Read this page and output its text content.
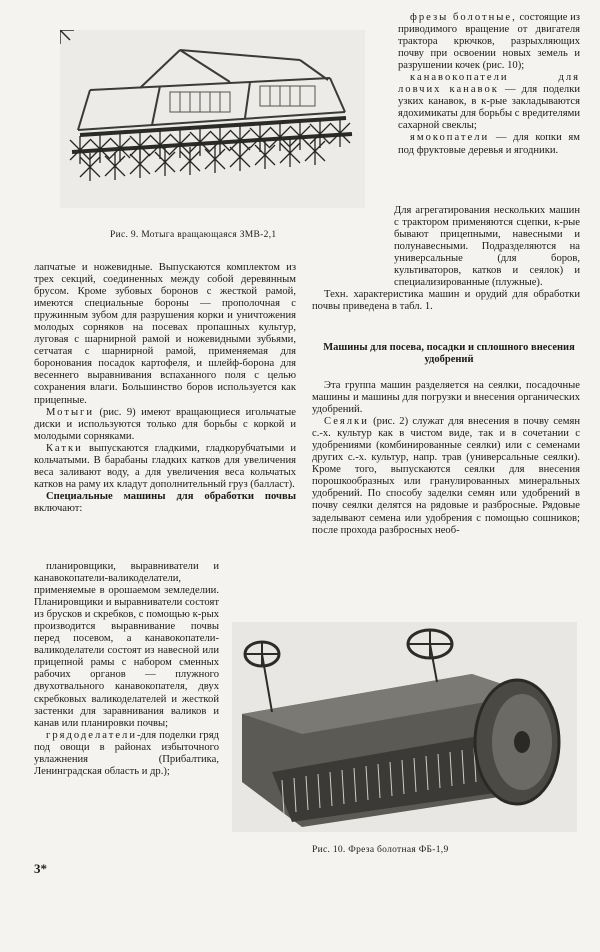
Рис. 9. Мотыга вращающаяся ЗМВ-2,1

фрезы болотные, состоящие из приводимого вращение от двигателя трактора крючков, разрыхляющих почву при освоении новых земель и разрушении кочек (рис. 10);

канавокопатели для ловчих канавок — для поделки узких канавок, в к-рые закладываются ядохимикаты для борьбы с вредителями сахарной свеклы;

ямокопатели — для копки ям под фруктовые деревья и ягодники.

Для агрегатирования нескольких машин с трактором применяются сцепки, к-рые бывают прицепными, навесными и полунавесными. Подразделяются на универсальные (для боров, культиваторов, катков и сеялок) и специализированные (плужные).

Техн. характеристика машин и орудий для обработки почвы приведена в табл. 1.

лапчатые и ножевидные. Выпускаются комплектом из трех секций, соединенных между собой деревянным брусом. Кроме зубовых боронов с жесткой рамой, имеются специальные бороны — прополочная с пружинным зубом для разрушения корки и уничтожения молодых сорняков на посевах пропашных культур, луговая с шарнирной рамой и ножевидными зубьями, сетчатая с шарнирной рамой, применяемая для боронования посадок картофеля, и шлейф-борона для весеннего выравнивания вспаханного поля с целью сохранения влаги. Большинство боров используется как прицепные.

Мотыги (рис. 9) имеют вращающиеся игольчатые диски и используются только для борьбы с коркой и молодыми сорняками.

Катки выпускаются гладкими, гладкорубчатыми и кольчатыми. В барабаны гладких катков для увеличения веса заливают воду, а для увеличения веса кольчатых катков на раму их кладут дополнительный груз (балласт).

Специальные машины для обработки почвы включают:

планировщики, выравниватели и канавокопатели-валикоделатели, применяемые в орошаемом земледелии. Планировщики и выравниватели состоят из брусков и скребков, с помощью к-рых производится выравнивание почвы перед посевом, а канавокопатели-валикоделатели состоят из навесной или прицепной рамы с набором сменных рабочих органов — плужного двухотвального канавокопателя, двух скребковых валикоделателей и жесткой застенки для заравнивания валиков и канав или планировки почвы;

грядоделатели-для поделки гряд под овощи в районах избыточного увлажнения (Прибалтика, Ленинградская область и др.);

Машины для посева, посадки и сплошного внесения удобрений

Эта группа машин разделяется на сеялки, посадочные машины и машины для погрузки и внесения органических удобрений.

Сеялки (рис. 2) служат для внесения в почву семян с.-х. культур как в чистом виде, так и в сочетании с удобрениями (комбинированные сеялки) или с семенами других с.-х. культур, напр. трав (универсальные сеялки). Кроме того, выпускаются сеялки для внесения порошкообразных или гранулированных минеральных удобрений. По способу заделки семян или удобрений в почву сеялки делятся на рядовые и разбросные. Рядовые заделывают семена или удобрения с помощью сошников; после прохода разбросных необ-

Рис. 10. Фреза болотная ФБ-1,9
3*
